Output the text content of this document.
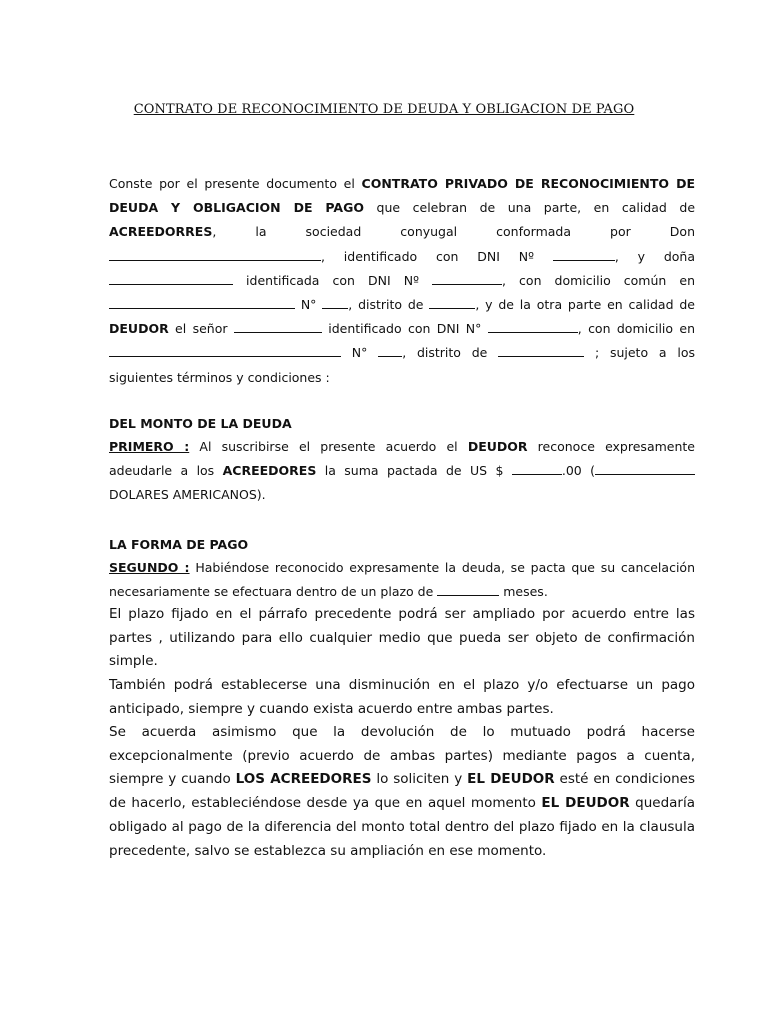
CONTRATO DE RECONOCIMIENTO DE DEUDA Y OBLIGACION DE PAGO
Conste por el presente documento el CONTRATO PRIVADO DE RECONOCIMIENTO DE DEUDA Y OBLIGACION DE PAGO que celebran de una parte, en calidad de ACREEDORRES, la sociedad conyugal conformada por Don , identificado con DNI Nº	, y doña  identificada con DNI Nº	, con domicilio común en  N° , distrito de	, y de la otra parte en calidad de DEUDOR el señor	identificado con DNI N°	, con domicilio en  N° , distrito de	; sujeto a los siguientes términos y condiciones :
DEL MONTO DE LA DEUDA
PRIMERO : Al suscribirse el presente acuerdo el DEUDOR reconoce expresamente adeudarle a los ACREEDORES la suma pactada de US $	.00 ( DOLARES AMERICANOS).
LA FORMA DE PAGO
SEGUNDO : Habiéndose reconocido expresamente la deuda, se pacta que su cancelación necesariamente se efectuara dentro de un plazo de	meses.
El plazo fijado en el párrafo precedente podrá ser ampliado por acuerdo entre las partes , utilizando para ello cualquier medio que pueda ser objeto de confirmación simple.
También podrá establecerse una disminución en el plazo y/o efectuarse un pago anticipado, siempre y cuando exista acuerdo entre ambas partes.
Se acuerda asimismo que la devolución de lo mutuado podrá hacerse excepcionalmente (previo acuerdo de ambas partes) mediante pagos a cuenta, siempre y cuando LOS ACREEDORES lo soliciten y EL DEUDOR esté en condiciones de hacerlo, estableciéndose desde ya que en aquel momento EL DEUDOR quedaría obligado al pago de la diferencia del monto total dentro del plazo fijado en la clausula precedente, salvo se establezca su ampliación en ese momento.
